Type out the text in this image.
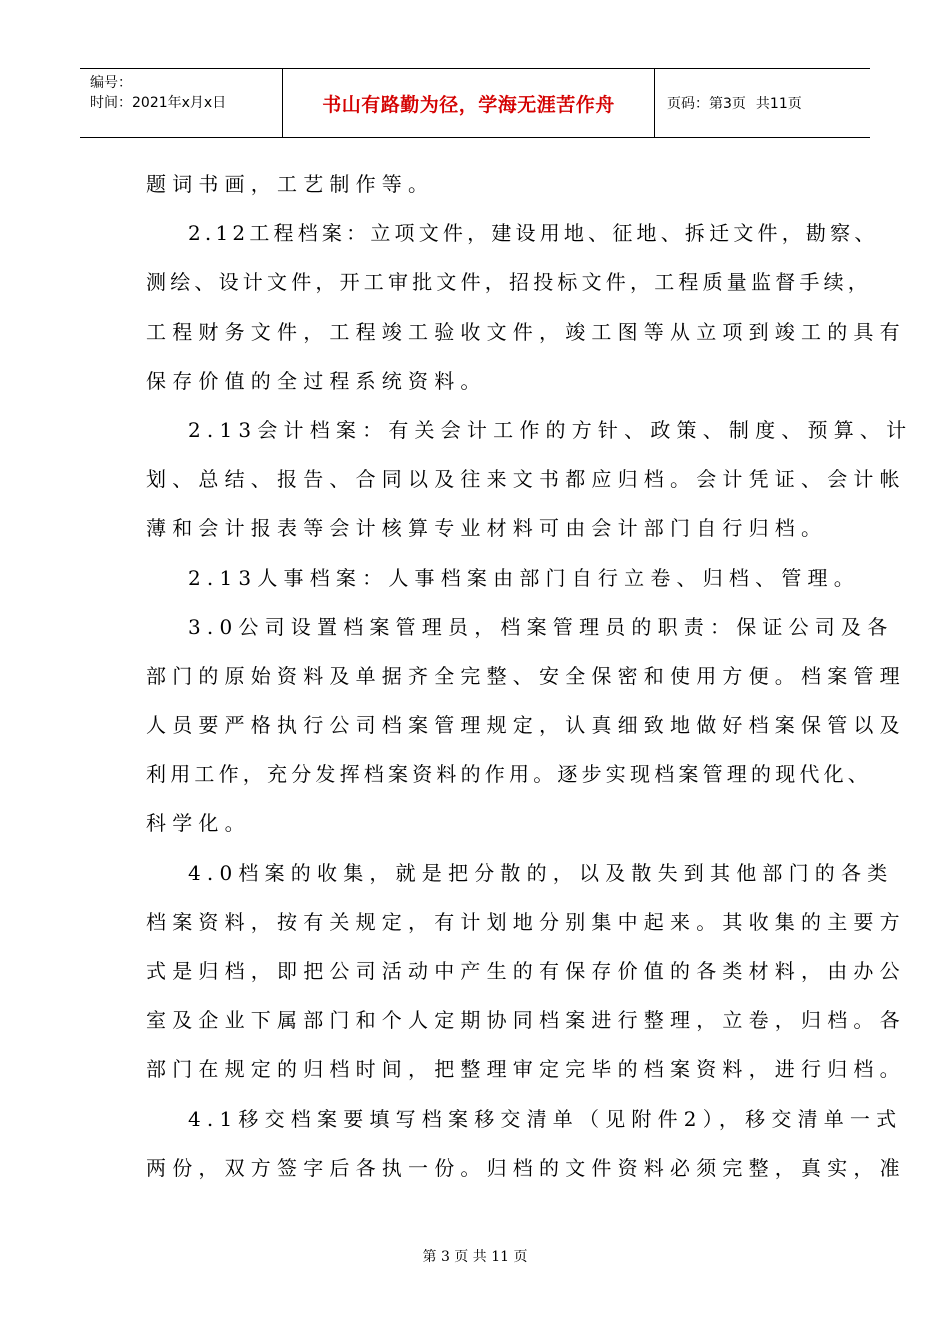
编号：
时间：2021年x月x日	书山有路勤为径，学海无涯苦作舟	页码：第3页 共11页
题词书画，工艺制作等。
2.12工程档案：立项文件，建设用地、征地、拆迁文件，勘察、
测绘、设计文件，开工审批文件，招投标文件，工程质量监督手续，
工程财务文件，工程竣工验收文件，竣工图等从立项到竣工的具有
保存价值的全过程系统资料。
2.13会计档案：有关会计工作的方针、政策、制度、预算、计
划、总结、报告、合同以及往来文书都应归档。会计凭证、会计帐
薄和会计报表等会计核算专业材料可由会计部门自行归档。
2.13人事档案：人事档案由部门自行立卷、归档、管理。
3.0公司设置档案管理员，档案管理员的职责：保证公司及各
部门的原始资料及单据齐全完整、安全保密和使用方便。档案管理
人员要严格执行公司档案管理规定，认真细致地做好档案保管以及
利用工作，充分发挥档案资料的作用。逐步实现档案管理的现代化、
科学化。
4.0档案的收集，就是把分散的，以及散失到其他部门的各类
档案资料，按有关规定，有计划地分别集中起来。其收集的主要方
式是归档，即把公司活动中产生的有保存价值的各类材料，由办公
室及企业下属部门和个人定期协同档案进行整理，立卷，归档。各
部门在规定的归档时间，把整理审定完毕的档案资料，进行归档。
4.1移交档案要填写档案移交清单（见附件2），移交清单一式
两份，双方签字后各执一份。归档的文件资料必须完整，真实，准
第 3 页 共 11 页
